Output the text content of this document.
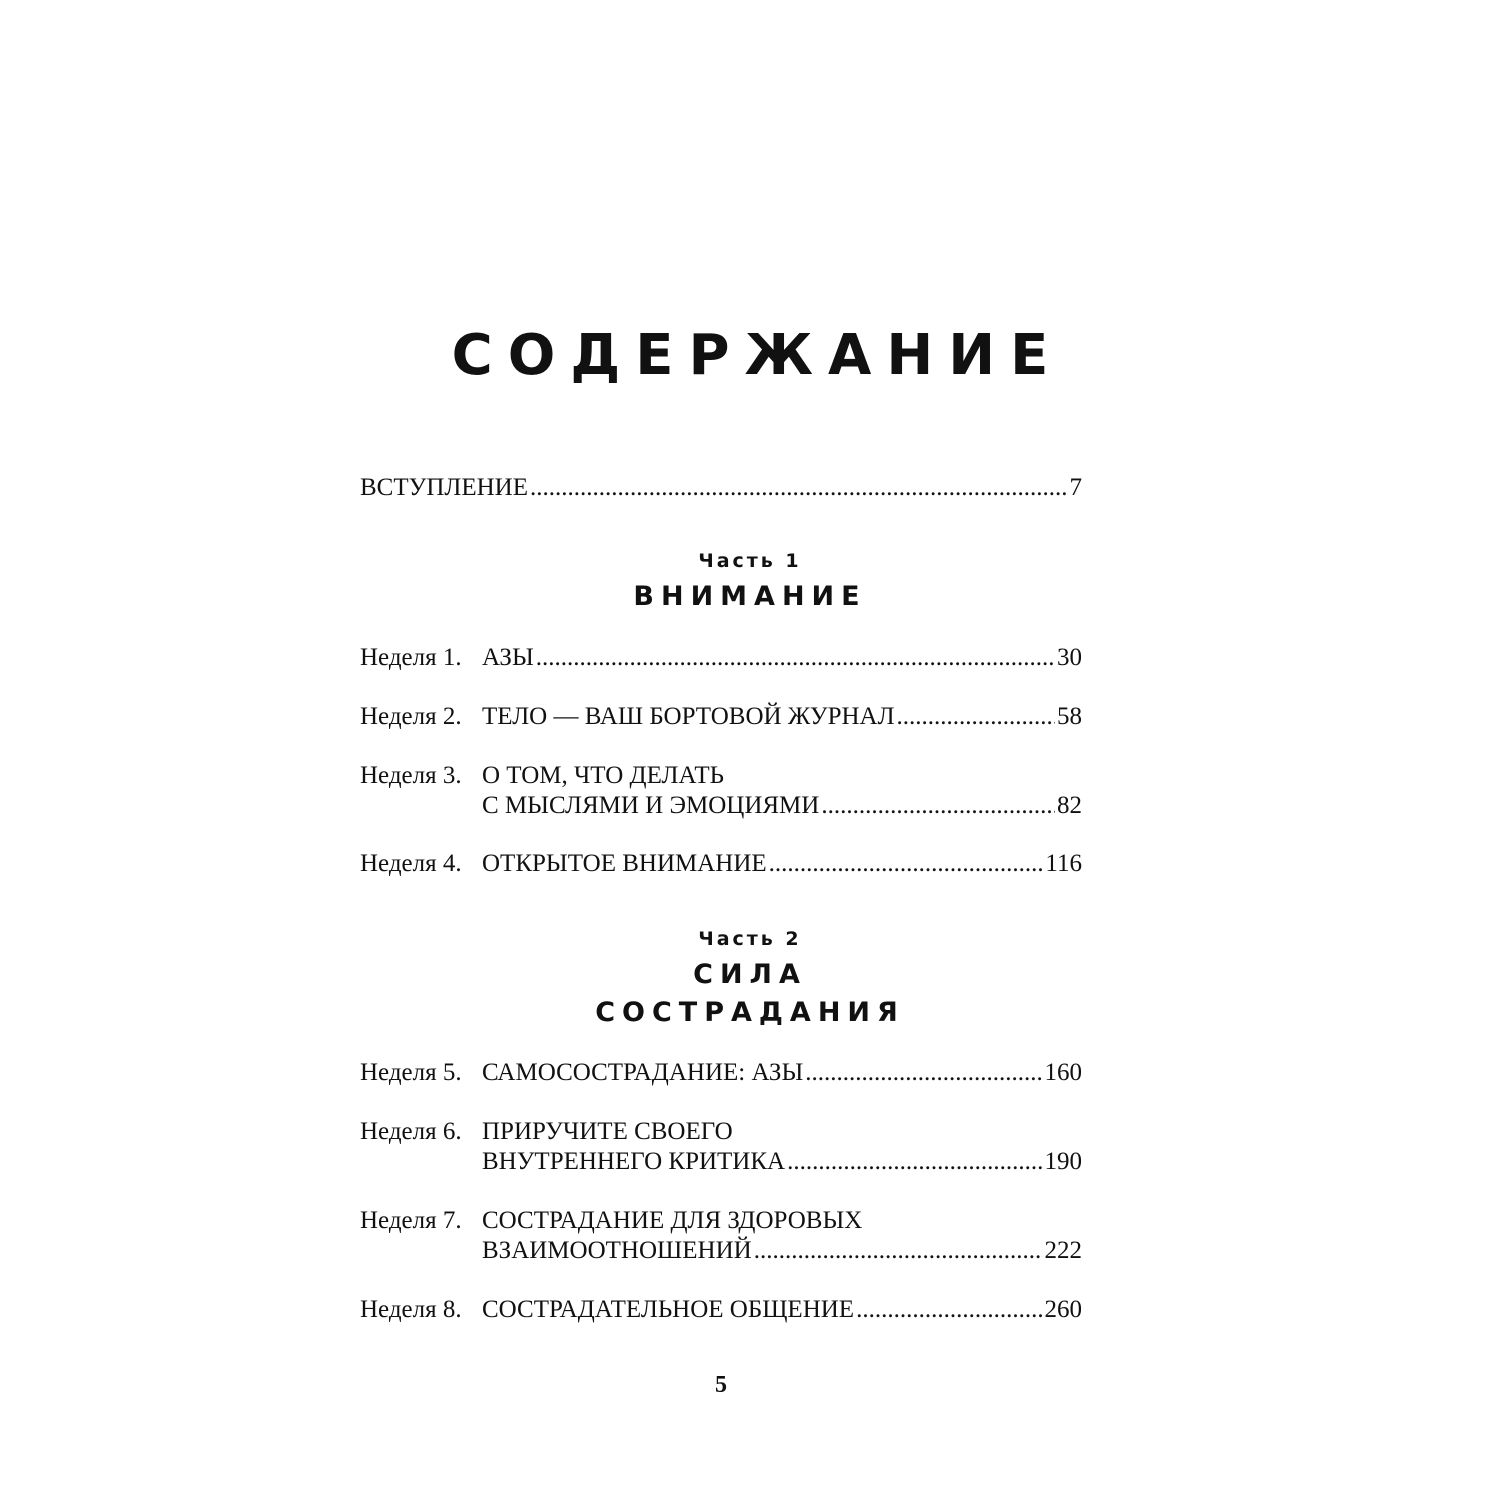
СОДЕРЖАНИЕ
ВСТУПЛЕНИЕ .....	7
Неделя 1. АЗЫ .....	30
Неделя 2. ТЕЛО — ВАШ БОРТОВОЙ ЖУРНАЛ .....	58
Неделя 3. О ТОМ, ЧТО ДЕЛАТЬ
С МЫСЛЯМИ И ЭМОЦИЯМИ .....	82
Неделя 4. ОТКРЫТОЕ ВНИМАНИЕ .....	116
Неделя 5. САМОСОСТРАДАНИЕ: АЗЫ .....	160
Неделя 6. ПРИРУЧИТЕ СВОЕГО
ВНУТРЕННЕГО КРИТИКА .....	190
Неделя 7. СОСТРАДАНИЕ ДЛЯ ЗДОРОВЫХ
ВЗАИМООТНОШЕНИЙ .....	222
Неделя 8. СОСТРАДАТЕЛЬНОЕ ОБЩЕНИЕ .....	260
Часть 1
ВНИМАНИЕ
Часть 2
СИЛА
СОСТРАДАНИЯ
5
